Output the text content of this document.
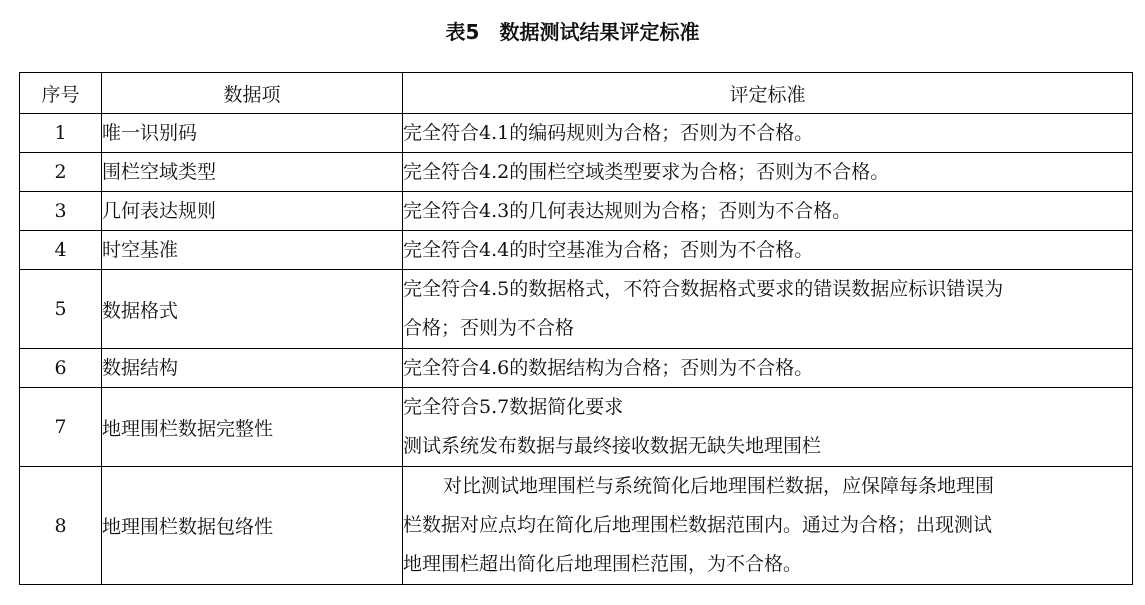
表5　数据测试结果评定标准
序号	数据项	评定标准
1	唯一识别码	完全符合4.1的编码规则为合格；否则为不合格。

2	围栏空域类型	完全符合4.2的围栏空域类型要求为合格；否则为不合格。

3	几何表达规则	完全符合4.3的几何表达规则为合格；否则为不合格。

4	时空基准	完全符合4.4的时空基准为合格；否则为不合格。

5	数据格式	完全符合4.5的数据格式，不符合数据格式要求的错误数据应标识错误为
合格；否则为不合格

6	数据结构	完全符合4.6的数据结构为合格；否则为不合格。

7	地理围栏数据完整性	完全符合5.7数据简化要求
测试系统发布数据与最终接收数据无缺失地理围栏

8	地理围栏数据包络性	对比测试地理围栏与系统简化后地理围栏数据，应保障每条地理围
栏数据对应点均在简化后地理围栏数据范围内。通过为合格；出现测试
地理围栏超出简化后地理围栏范围，为不合格。
